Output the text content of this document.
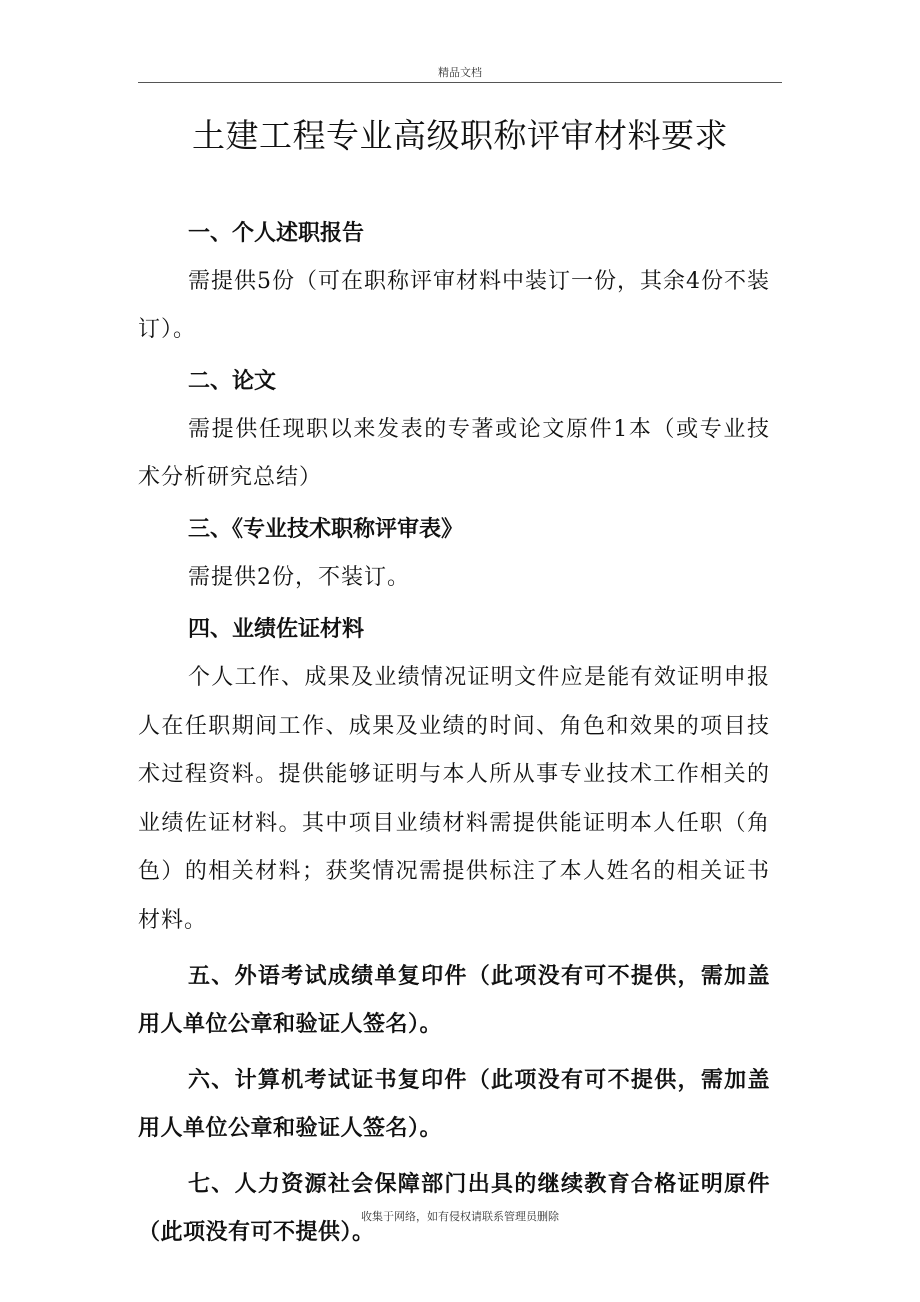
精品文档
土建工程专业高级职称评审材料要求

一、个人述职报告

需提供5份（可在职称评审材料中装订一份，其余4份不装订）。

二、论文

需提供任现职以来发表的专著或论文原件1本（或专业技术分析研究总结）

三、《专业技术职称评审表》

需提供2份，不装订。

四、业绩佐证材料

个人工作、成果及业绩情况证明文件应是能有效证明申报人在任职期间工作、成果及业绩的时间、角色和效果的项目技术过程资料。提供能够证明与本人所从事专业技术工作相关的业绩佐证材料。其中项目业绩材料需提供能证明本人任职（角色）的相关材料；获奖情况需提供标注了本人姓名的相关证书材料。

五、外语考试成绩单复印件（此项没有可不提供，需加盖用人单位公章和验证人签名）。

六、计算机考试证书复印件（此项没有可不提供，需加盖用人单位公章和验证人签名）。

七、人力资源社会保障部门出具的继续教育合格证明原件（此项没有可不提供）。

收集于网络，如有侵权请联系管理员删除
